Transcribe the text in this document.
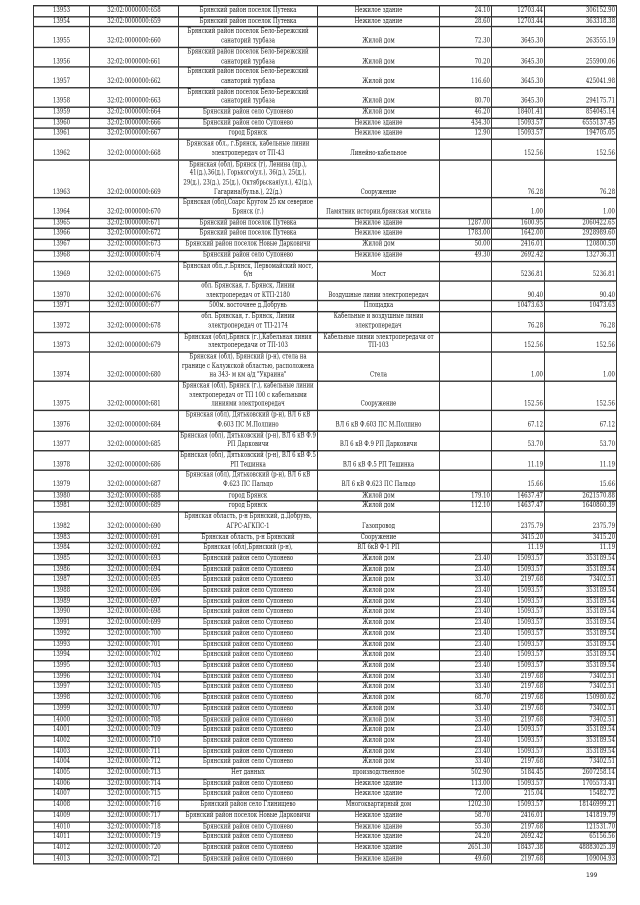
13953	32:02:0000000:658	Брянский район поселок Путевка	Нежилое здание	24.10	12703.44	306152.90
13954	32:02:0000000:659	Брянский район поселок Путевка	Нежилое здание	28.60	12703.44	363318.38
13955	32:02:0000000:660	Брянский район поселок Бело-Бережский санаторий турбаза	Жилой дом	72.30	3645.30	263555.19
13956	32:02:0000000:661	Брянский район поселок Бело-Бережский санаторий турбаза	Жилой дом	70.20	3645.30	255900.06
13957	32:02:0000000:662	Брянский район поселок Бело-Бережский санаторий турбаза	Жилой дом	116.60	3645.30	425041.98
13958	32:02:0000000:663	Брянский район поселок Бело-Бережский санаторий турбаза	Жилой дом	80.70	3645.30	294175.71
13959	32:02:0000000:664	Брянский район село Супонево	Жилой дом	46.20	18401.41	854045.14
13960	32:02:0000000:666	Брянский район село Супонево	Нежилое здание	434.30	15093.57	6555137.45
13961	32:02:0000000:667	город Брянск	Нежилое здание	12.90	15093.57	194705.05
13962	32:02:0000000:668	Брянская обл., г.Брянск, кабельные линии электропередач от ТП-43	Линейно-кабельное		152.56	152.56
13963	32:02:0000000:669	Брянская (обл), Брянск (г), Ленина (пр.), 41(д.),36(д.), Горького(ул.), 36(д.), 25(д.), 29(д.), 23(д.), 25(д.), Октябрьская(ул.), 42(д.), Гагарина(бульв.), 22(д.)	Сооружение		76.28	76.28
13964	32:02:0000000:670	Брянская (обл),Соарс Кругом 25 км северное Брянск (г.)	Памятник истории,брянская могила		1.00	1.00
13965	32:02:0000000:671	Брянский район поселок Путевка	Нежилое здание	1287.00	1600.95	2060422.65
13966	32:02:0000000:672	Брянский район поселок Путевка	Нежилое здание	1783.00	1642.00	2928989.60
13967	32:02:0000000:673	Брянский район поселок Новые Дарковичи	Жилой дом	50.00	2416.01	120800.50
13968	32:02:0000000:674	Брянский район село Супонево	Нежилое здание	49.30	2692.42	132736.31
13969	32:02:0000000:675	Брянская обл.,г.Брянск, Первомайский мост, б/н	Мост		5236.81	5236.81
13970	32:02:0000000:676	обл. Брянская, г. Брянск, Линии электропередач от КТП-2180	Воздушные линии электропередач		90.40	90.40
13971	32:02:0000000:677	500м. восточнее д.Добрунь	Площадка		10473.63	10473.63
13972	32:02:0000000:678	обл. Брянская, г. Брянск, Линии электропередач от ТП-2174	Кабельные и воздушные линии электропередач		76.28	76.28
13973	32:02:0000000:679	Брянская (обл),Брянск (г.),Кабельная линия электропередачи от ТП-103	Кабельные линии электропередачи от ТП-103		152.56	152.56
13974	32:02:0000000:680	Брянская (обл), Брянский (р-н), стела на границе с Калужской областью, расположена на 343- м км а/д "Украина"	Стела		1.00	1.00
13975	32:02:0000000:681	Брянская (обл), Брянск (г.), кабельные линии электропередач от ТП 100 с кабельными линиями электропередач	Сооружение		152.56	152.56
13976	32:02:0000000:684	Брянская (обл), Дятьковский (р-н), ВЛ 6 кВ Ф.603 ПС М.Полпино	ВЛ 6 кВ Ф.603 ПС М.Полпино		67.12	67.12
13977	32:02:0000000:685	Брянская (обл), Дятьковский (р-н), ВЛ 6 кВ Ф.9 РП Дарковичи	ВЛ 6 кВ Ф.9 РП Дарковичи		53.70	53.70
13978	32:02:0000000:686	Брянская (обл), Дятьковский (р-н), ВЛ 6 кВ Ф.5 РП Тешинка	ВЛ 6 кВ Ф.5 РП Тешинка		11.19	11.19
13979	32:02:0000000:687	Брянская (обл), Дятьковский (р-н), ВЛ 6 кВ Ф.623 ПС Пальцо	ВЛ 6 кВ Ф.623 ПС Пальцо		15.66	15.66
13980	32:02:0000000:688	город Брянск	Жилой дом	179.10	14637.47	2621570.88
13981	32:02:0000000:689	город Брянск	Жилой дом	112.10	14637.47	1640860.39
13982	32:02:0000000:690	Брянская область, р-н Брянский, д.Добрунь, АГРС-АГКПС-1	Газопровод		2375.79	2375.79
13983	32:02:0000000:691	Брянская область, р-н Брянский	Сооружение		3415.20	3415.20
13984	32:02:0000000:692	Брянская (обл),Брянский (р-н),	ВЛ 6кВ Ф-1 РП		11.19	11.19
13985	32:02:0000000:693	Брянский район село Супонево	Жилой дом	23.40	15093.57	353189.54
13986	32:02:0000000:694	Брянский район село Супонево	Жилой дом	23.40	15093.57	353189.54
13987	32:02:0000000:695	Брянский район село Супонево	Жилой дом	33.40	2197.68	73402.51
13988	32:02:0000000:696	Брянский район село Супонево	Жилой дом	23.40	15093.57	353189.54
13989	32:02:0000000:697	Брянский район село Супонево	Жилой дом	23.40	15093.57	353189.54
13990	32:02:0000000:698	Брянский район село Супонево	Жилой дом	23.40	15093.57	353189.54
13991	32:02:0000000:699	Брянский район село Супонево	Жилой дом	23.40	15093.57	353189.54
13992	32:02:0000000:700	Брянский район село Супонево	Жилой дом	23.40	15093.57	353189.54
13993	32:02:0000000:701	Брянский район село Супонево	Жилой дом	23.40	15093.57	353189.54
13994	32:02:0000000:702	Брянский район село Супонево	Жилой дом	23.40	15093.57	353189.54
13995	32:02:0000000:703	Брянский район село Супонево	Жилой дом	23.40	15093.57	353189.54
13996	32:02:0000000:704	Брянский район село Супонево	Жилой дом	33.40	2197.68	73402.51
13997	32:02:0000000:705	Брянский район село Супонево	Жилой дом	33.40	2197.68	73402.51
13998	32:02:0000000:706	Брянский район село Супонево	Жилой дом	68.70	2197.68	150980.62
13999	32:02:0000000:707	Брянский район село Супонево	Жилой дом	33.40	2197.68	73402.51
14000	32:02:0000000:708	Брянский район село Супонево	Жилой дом	33.40	2197.68	73402.51
14001	32:02:0000000:709	Брянский район село Супонево	Жилой дом	23.40	15093.57	353189.54
14002	32:02:0000000:710	Брянский район село Супонево	Жилой дом	23.40	15093.57	353189.54
14003	32:02:0000000:711	Брянский район село Супонево	Жилой дом	23.40	15093.57	353189.54
14004	32:02:0000000:712	Брянский район село Супонево	Жилой дом	33.40	2197.68	73402.51
14005	32:02:0000000:713	Нет данных	производственное	502.90	5184.45	2607258.14
14006	32:02:0000000:714	Брянский район село Супонево	Нежилое здание	113.00	15093.57	1705573.41
14007	32:02:0000000:715	Брянский район село Супонево	Нежилое здание	72.00	215.04	15482.72
14008	32:02:0000000:716	Брянский район село Глинищево	Многоквартирный дом	1202.30	15093.57	18146999.21
14009	32:02:0000000:717	Брянский район поселок Новые Дарковичи	Нежилое здание	58.70	2416.01	141819.79
14010	32:02:0000000:718	Брянский район село Супонево	Нежилое здание	55.30	2197.68	121531.70
14011	32:02:0000000:719	Брянский район село Супонево	Нежилое здание	24.20	2692.42	65156.56
14012	32:02:0000000:720	Брянский район село Супонево	Нежилое здание	2651.30	18437.38	48883025.39
14013	32:02:0000000:721	Брянский район село Супонево	Нежилое здание	49.60	2197.68	109004.93
199
